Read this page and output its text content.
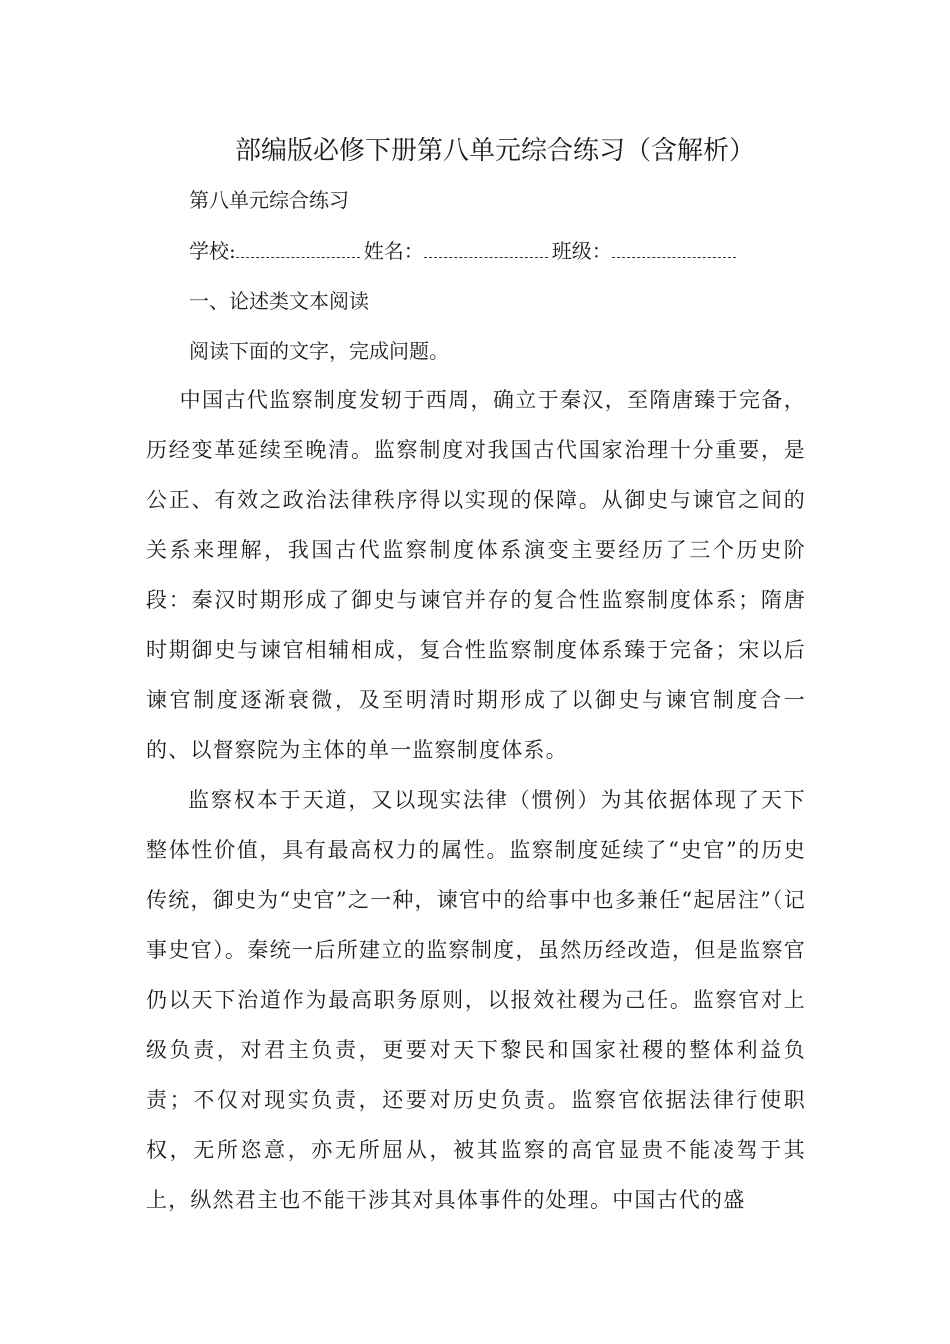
部编版必修下册第八单元综合练习（含解析）
第八单元综合练习
学校:	姓名：	班级：
一、论述类文本阅读
阅读下面的文字，完成问题。
中国古代监察制度发轫于西周，确立于秦汉，至隋唐臻于完备，历经变革延续至晚清。监察制度对我国古代国家治理十分重要，是公正、有效之政治法律秩序得以实现的保障。从御史与谏官之间的关系来理解，我国古代监察制度体系演变主要经历了三个历史阶段：秦汉时期形成了御史与谏官并存的复合性监察制度体系；隋唐时期御史与谏官相辅相成，复合性监察制度体系臻于完备；宋以后谏官制度逐渐衰微，及至明清时期形成了以御史与谏官制度合一的、以督察院为主体的单一监察制度体系。
监察权本于天道，又以现实法律（惯例）为其依据体现了天下整体性价值，具有最高权力的属性。监察制度延续了“史官”的历史传统，御史为“史官”之一种，谏官中的给事中也多兼任“起居注”（记事史官）。秦统一后所建立的监察制度，虽然历经改造，但是监察官仍以天下治道作为最高职务原则，以报效社稷为己任。监察官对上级负责，对君主负责，更要对天下黎民和国家社稷的整体利益负责；不仅对现实负责，还要对历史负责。监察官依据法律行使职权，无所恣意，亦无所屈从，被其监察的高官显贵不能凌驾于其上，纵然君主也不能干涉其对具体事件的处理。中国古代的盛
